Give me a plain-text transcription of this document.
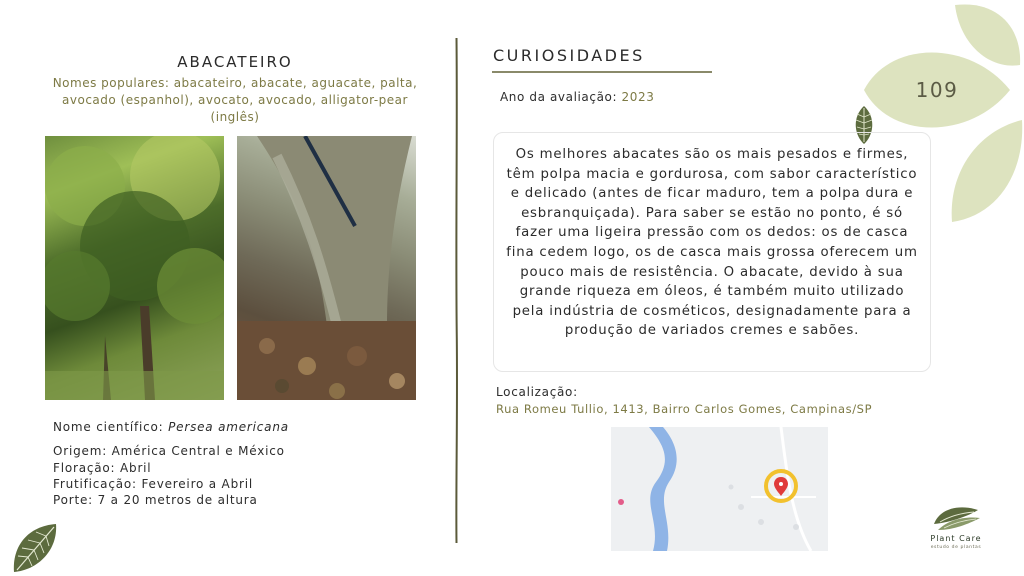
109
ABACATEIRO
Nomes populares: abacateiro, abacate, aguacate, palta, avocado (espanhol), avocato, avocado, alligator-pear (inglês)
Nome científico: Persea americana
Origem: América Central e México
Floração: Abril
Frutificação: Fevereiro a Abril
Porte: 7 a 20 metros de altura
CURIOSIDADES
Ano da avaliação: 2023
Os melhores abacates são os mais pesados e firmes, têm polpa macia e gordurosa, com sabor característico e delicado (antes de ficar maduro, tem a polpa dura e esbranquiçada). Para saber se estão no ponto, é só fazer uma ligeira pressão com os dedos: os de casca fina cedem logo, os de casca mais grossa oferecem um pouco mais de resistência. O abacate, devido à sua grande riqueza em óleos, é também muito utilizado pela indústria de cosméticos, designadamente para a produção de variados cremes e sabões.
Localização:
Rua Romeu Tullio, 1413, Bairro Carlos Gomes, Campinas/SP
Plant Care
estudo de plantas
